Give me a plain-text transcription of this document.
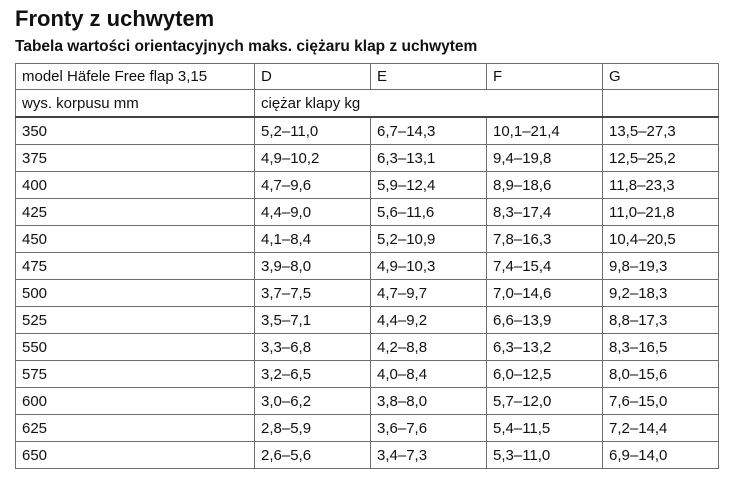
Fronty z uchwytem
Tabela wartości orientacyjnych maks. ciężaru klap z uchwytem
model Häfele Free flap 3,15	D	E	F	G
wys. korpusu mm	ciężar klapy kg			
350	5,2–11,0	6,7–14,3	10,1–21,4	13,5–27,3
375	4,9–10,2	6,3–13,1	9,4–19,8	12,5–25,2
400	4,7–9,6	5,9–12,4	8,9–18,6	11,8–23,3
425	4,4–9,0	5,6–11,6	8,3–17,4	11,0–21,8
450	4,1–8,4	5,2–10,9	7,8–16,3	10,4–20,5
475	3,9–8,0	4,9–10,3	7,4–15,4	9,8–19,3
500	3,7–7,5	4,7–9,7	7,0–14,6	9,2–18,3
525	3,5–7,1	4,4–9,2	6,6–13,9	8,8–17,3
550	3,3–6,8	4,2–8,8	6,3–13,2	8,3–16,5
575	3,2–6,5	4,0–8,4	6,0–12,5	8,0–15,6
600	3,0–6,2	3,8–8,0	5,7–12,0	7,6–15,0
625	2,8–5,9	3,6–7,6	5,4–11,5	7,2–14,4
650	2,6–5,6	3,4–7,3	5,3–11,0	6,9–14,0
